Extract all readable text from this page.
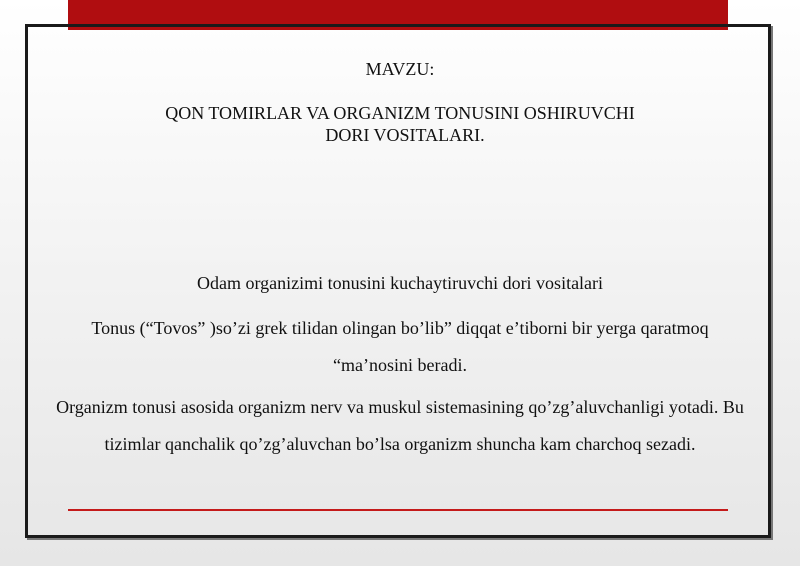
MAVZU:
QON TOMIRLAR VA ORGANIZM TONUSINI OSHIRUVCHI
DORI VOSITALARI.

Odam organizimi tonusini kuchaytiruvchi dori vositalari

Tonus (“Tovos” )so’zi grek tilidan olingan bo’lib” diqqat e’tiborni bir yerga qaratmoq “ma’nosini beradi.

Organizm tonusi asosida organizm nerv va muskul sistemasining qo’zg’aluvchanligi yotadi. Bu tizimlar qanchalik qo’zg’aluvchan bo’lsa organizm shuncha kam charchoq sezadi.
